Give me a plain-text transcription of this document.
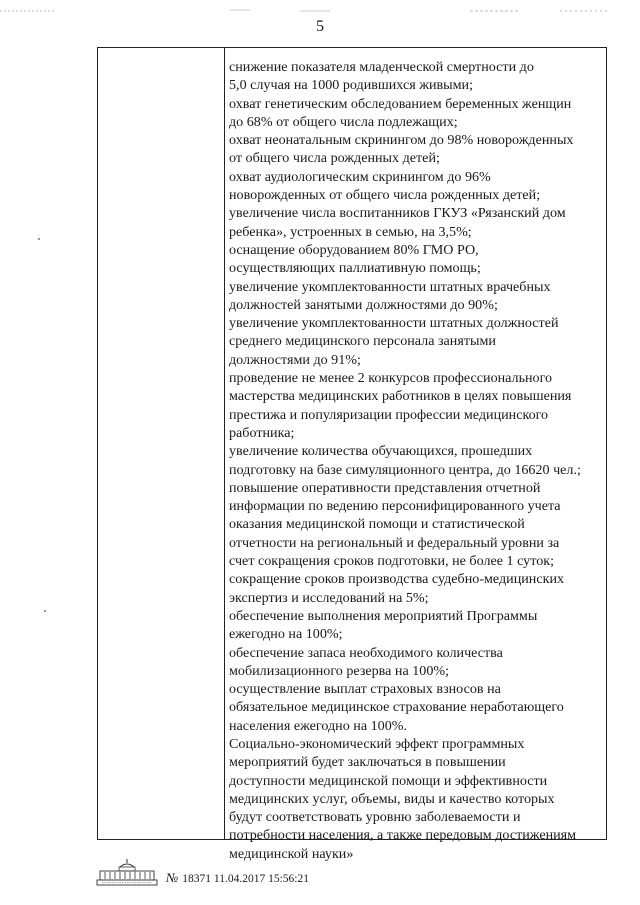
5
снижение показателя младенческой смертности до
5,0 случая на 1000 родившихся живыми;
охват генетическим обследованием беременных женщин
до 68% от общего числа подлежащих;
охват неонатальным скринингом до 98% новорожденных
от общего числа рожденных детей;
охват аудиологическим скринингом до 96%
новорожденных от общего числа рожденных детей;
увеличение числа воспитанников ГКУЗ «Рязанский дом
ребенка», устроенных в семью, на 3,5%;
оснащение оборудованием 80% ГМО РО,
осуществляющих паллиативную помощь;
увеличение укомплектованности штатных врачебных
должностей занятыми должностями до 90%;
увеличение укомплектованности штатных должностей
среднего медицинского персонала занятыми
должностями до 91%;
проведение не менее 2 конкурсов профессионального
мастерства медицинских работников в целях повышения
престижа и популяризации профессии медицинского
работника;
увеличение количества обучающихся, прошедших
подготовку на базе симуляционного центра, до 16620 чел.;
повышение оперативности представления отчетной
информации по ведению персонифицированного учета
оказания медицинской помощи и статистической
отчетности на региональный и федеральный уровни за
счет сокращения сроков подготовки, не более 1 суток;
сокращение сроков производства судебно-медицинских
экспертиз и исследований на 5%;
обеспечение выполнения мероприятий Программы
ежегодно на 100%;
обеспечение запаса необходимого количества
мобилизационного резерва на 100%;
осуществление выплат страховых взносов на
обязательное медицинское страхование неработающего
населения ежегодно на 100%.
Социально-экономический эффект программных
мероприятий будет заключаться в повышении
доступности медицинской помощи и эффективности
медицинских услуг, объемы, виды и качество которых
будут соответствовать уровню заболеваемости и
потребности населения, а также передовым достижениям
медицинской науки»
№ 18371 11.04.2017 15:56:21
